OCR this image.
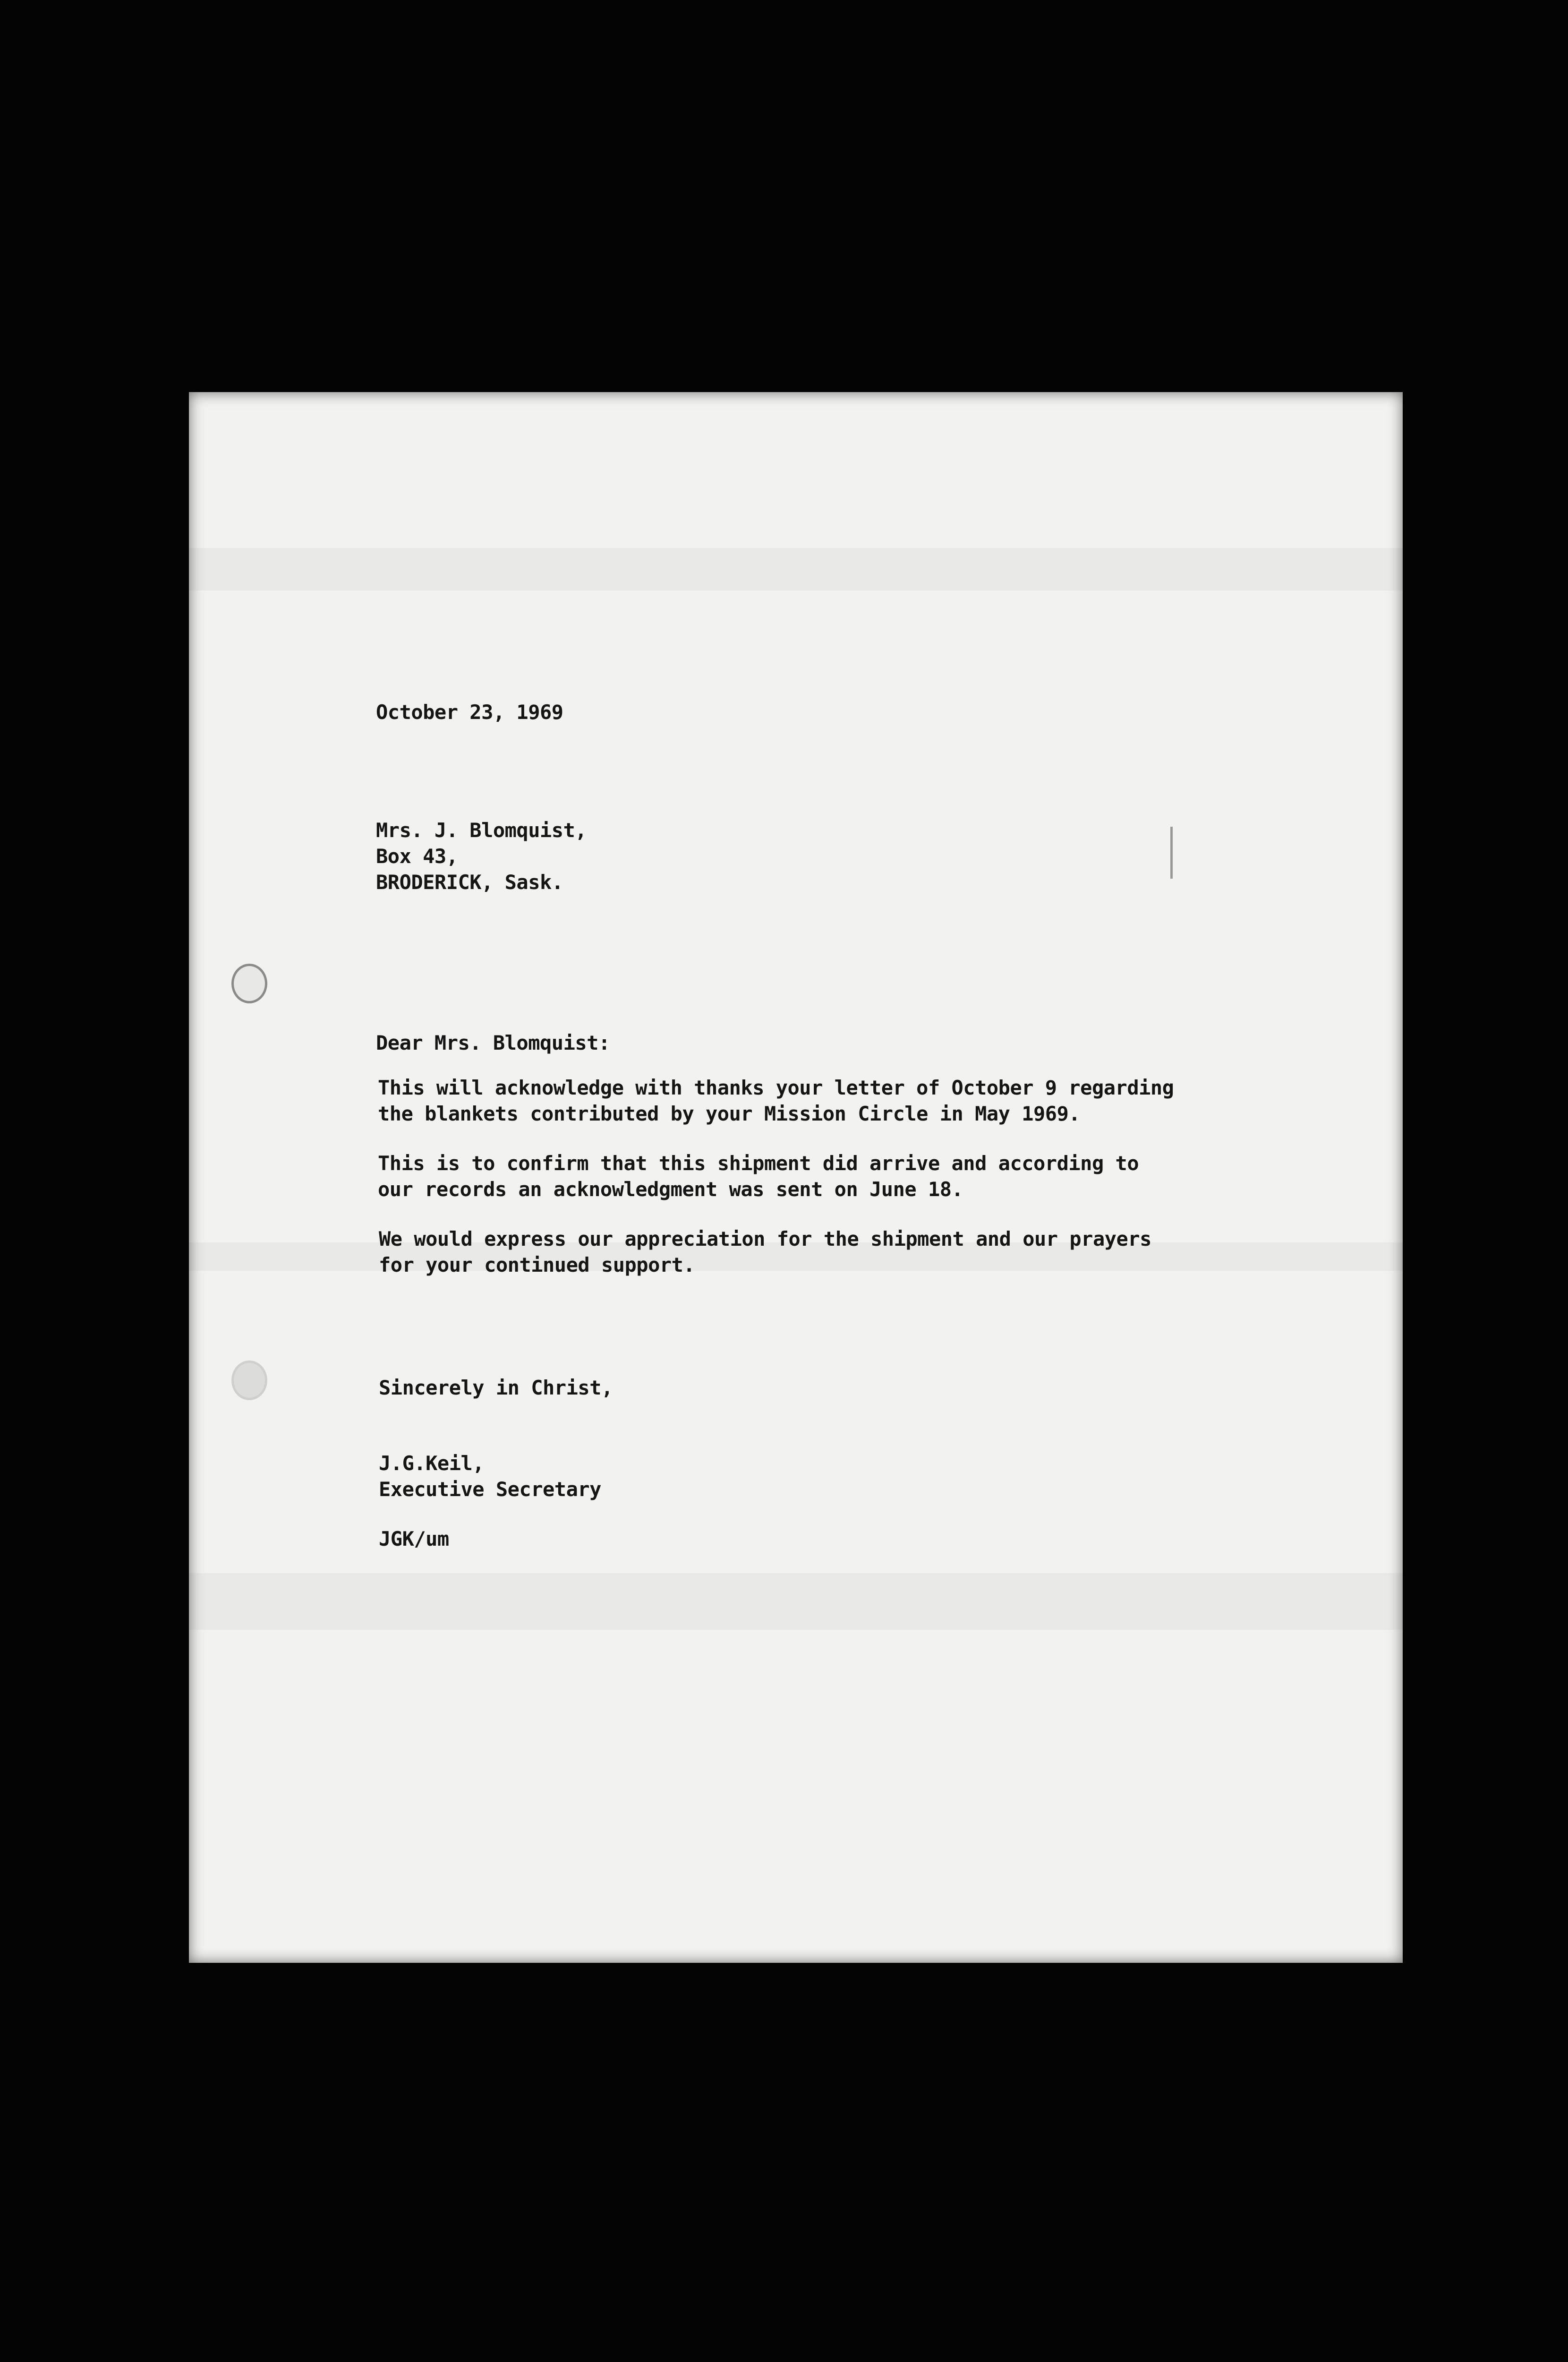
October 23, 1969
Mrs. J. Blomquist,
Box 43,
BRODERICK, Sask.
Dear Mrs. Blomquist:
This will acknowledge with thanks your letter of October 9 regarding
the blankets contributed by your Mission Circle in May 1969.
This is to confirm that this shipment did arrive and according to
our records an acknowledgment was sent on June 18.
We would express our appreciation for the shipment and our prayers
for your continued support.
Sincerely in Christ,
J.G.Keil,
Executive Secretary
JGK/um
